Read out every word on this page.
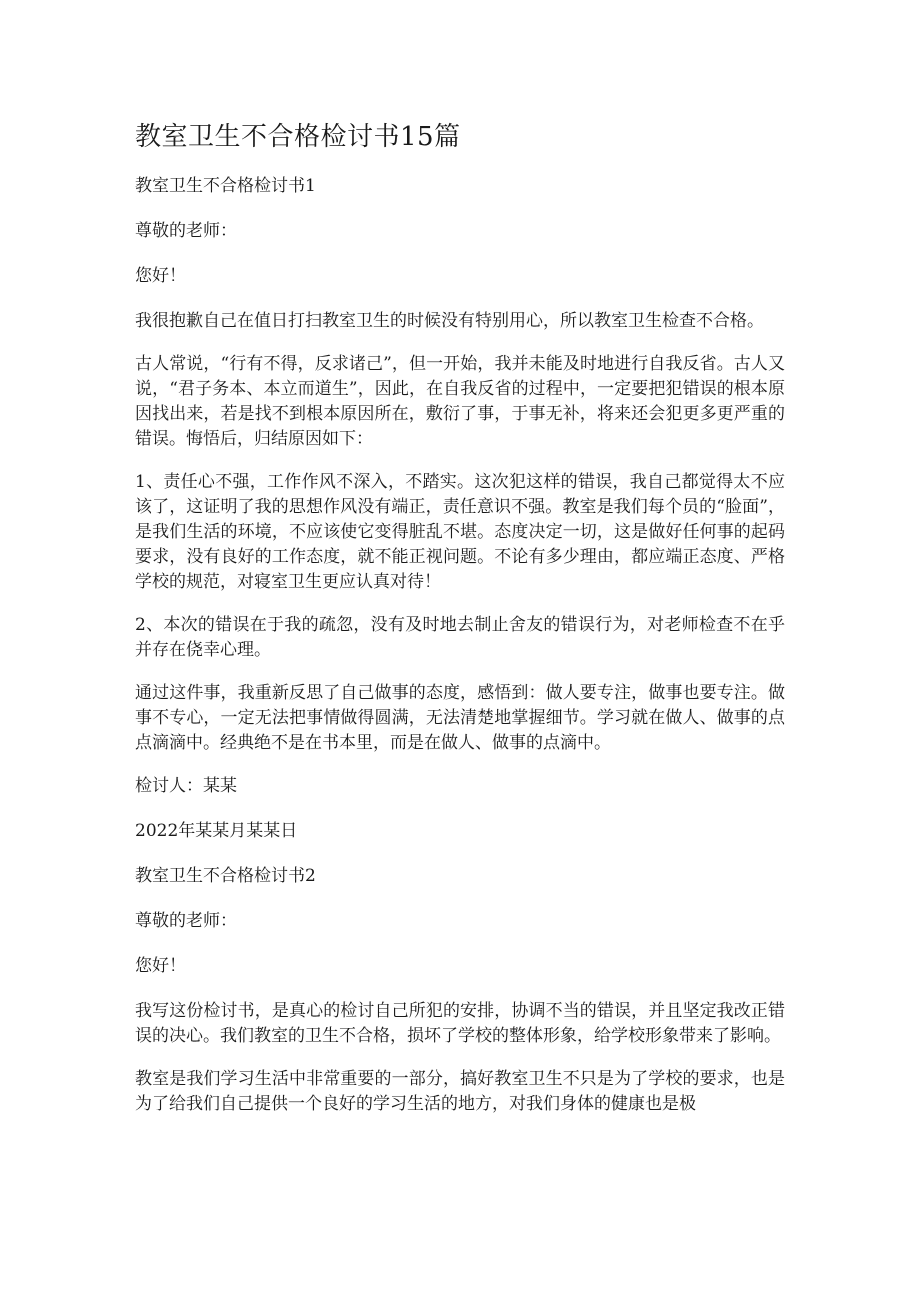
教室卫生不合格检讨书15篇

教室卫生不合格检讨书1

尊敬的老师：

您好！

我很抱歉自己在值日打扫教室卫生的时候没有特别用心，所以教室卫生检查不合格。

古人常说，“行有不得，反求诸己”，但一开始，我并未能及时地进行自我反省。古人又说，“君子务本、本立而道生”，因此，在自我反省的过程中，一定要把犯错误的根本原因找出来，若是找不到根本原因所在，敷衍了事，于事无补，将来还会犯更多更严重的错误。悔悟后，归结原因如下：

1、责任心不强，工作作风不深入，不踏实。这次犯这样的错误，我自己都觉得太不应该了，这证明了我的思想作风没有端正，责任意识不强。教室是我们每个员的“脸面”，是我们生活的环境，不应该使它变得脏乱不堪。态度决定一切，这是做好任何事的起码要求，没有良好的工作态度，就不能正视问题。不论有多少理由，都应端正态度、严格学校的规范，对寝室卫生更应认真对待！

2、本次的错误在于我的疏忽，没有及时地去制止舍友的错误行为，对老师检查不在乎并存在侥幸心理。

通过这件事，我重新反思了自己做事的态度，感悟到：做人要专注，做事也要专注。做事不专心，一定无法把事情做得圆满，无法清楚地掌握细节。学习就在做人、做事的点点滴滴中。经典绝不是在书本里，而是在做人、做事的点滴中。

检讨人：某某

2022年某某月某某日

教室卫生不合格检讨书2

尊敬的老师：

您好！

我写这份检讨书，是真心的检讨自己所犯的安排，协调不当的错误，并且坚定我改正错误的决心。我们教室的卫生不合格，损坏了学校的整体形象，给学校形象带来了影响。

教室是我们学习生活中非常重要的一部分，搞好教室卫生不只是为了学校的要求，也是为了给我们自己提供一个良好的学习生活的地方，对我们身体的健康也是极
